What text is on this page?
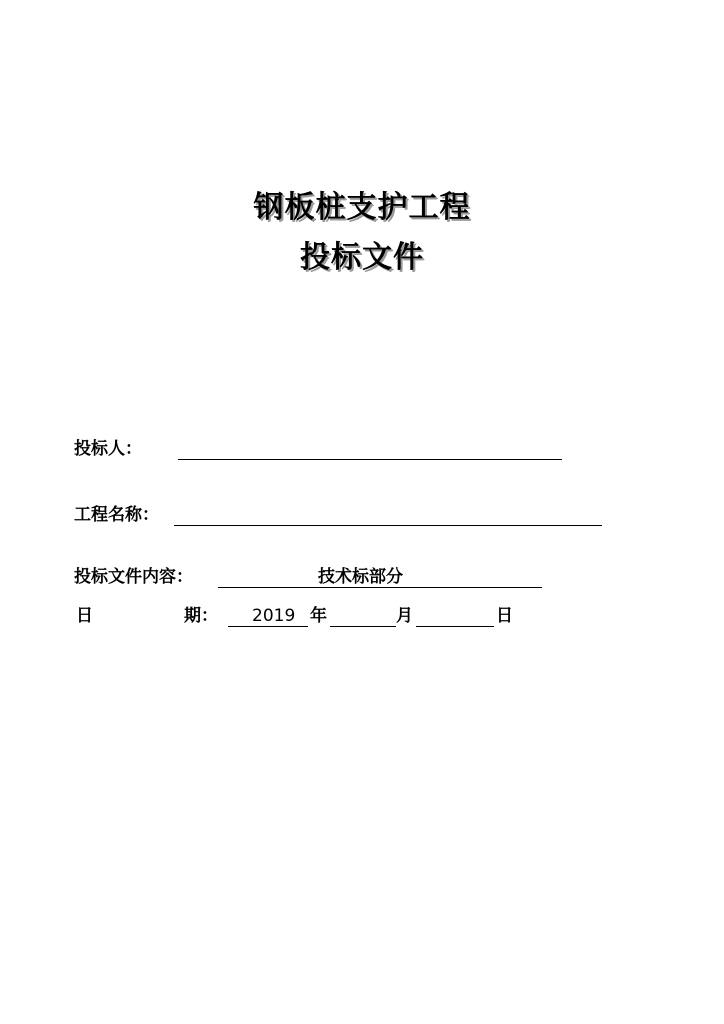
钢板桩支护工程
投标文件
投标人：
工程名称：
投标文件内容：	技术标部分
日	期： 2019 年	月	日
